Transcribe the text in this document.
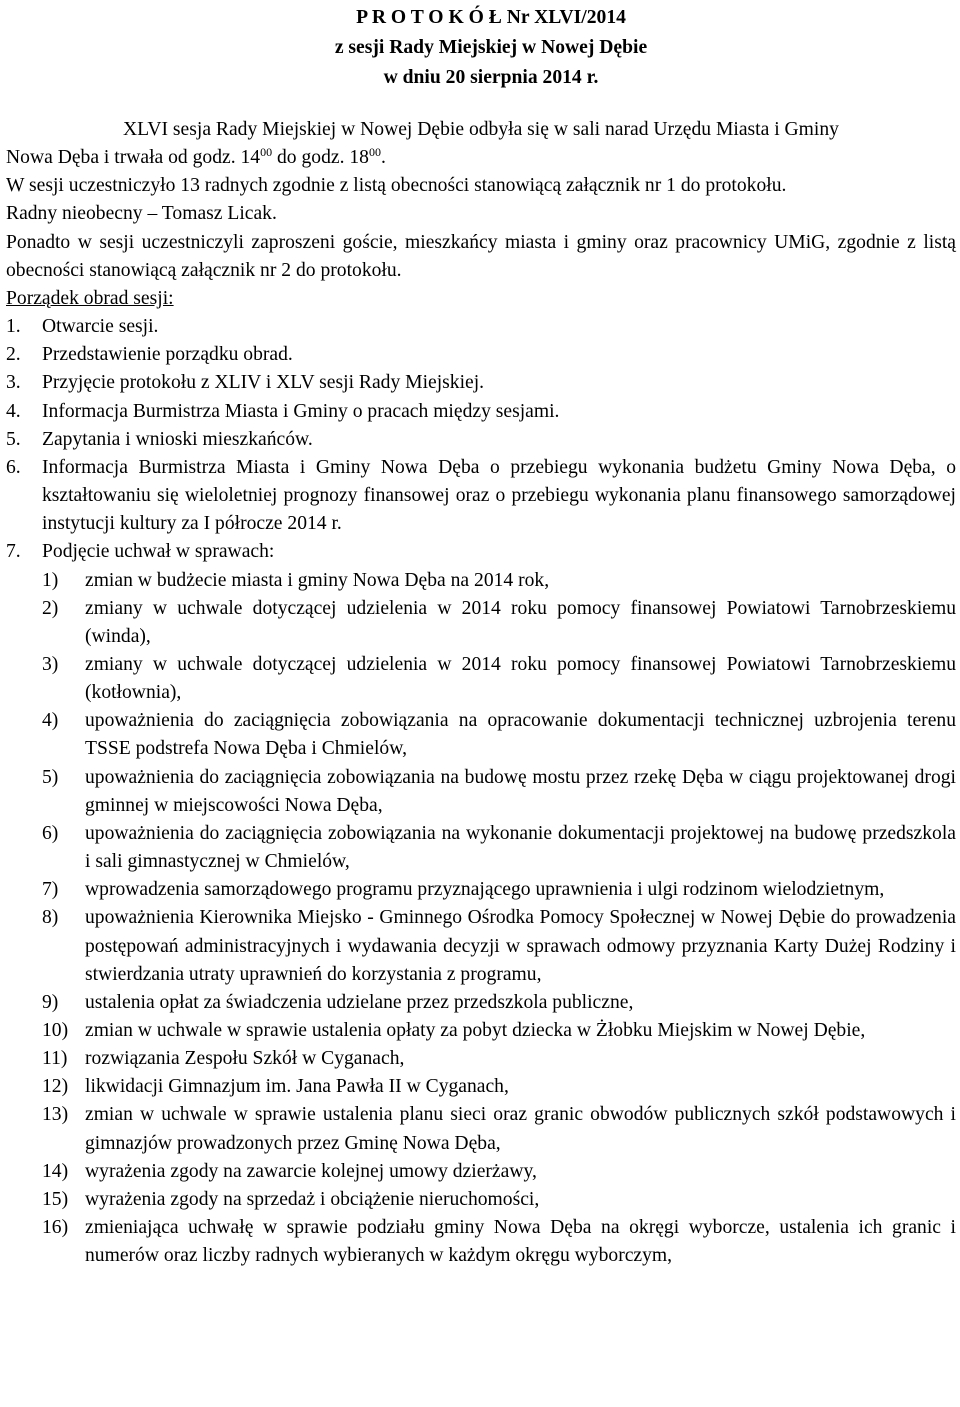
P R O T O K Ó Ł Nr XLVI/2014
z sesji Rady Miejskiej w Nowej Dębie
w dniu 20 sierpnia 2014 r.
XLVI sesja Rady Miejskiej w Nowej Dębie odbyła się w sali narad Urzędu Miasta i Gminy
Nowa Dęba i trwała od godz. $14^{00}$ do godz. $18^{00}$.
W sesji uczestniczyło 13 radnych zgodnie z listą obecności stanowiącą załącznik nr 1 do protokołu.
Radny nieobecny – Tomasz Licak.
Ponadto w sesji uczestniczyli zaproszeni goście, mieszkańcy miasta i gminy oraz pracownicy UMiG, zgodnie z listą obecności stanowiącą załącznik nr 2 do protokołu.
Porządek obrad sesji:
1.	Otwarcie sesji.
2.	Przedstawienie porządku obrad.
3.	Przyjęcie protokołu z XLIV i XLV sesji Rady Miejskiej.
4.	Informacja Burmistrza Miasta i Gminy o pracach między sesjami.
5.	Zapytania i wnioski mieszkańców.
6.	Informacja Burmistrza Miasta i Gminy Nowa Dęba o przebiegu wykonania budżetu Gminy Nowa Dęba, o kształtowaniu się wieloletniej prognozy finansowej oraz o przebiegu wykonania planu finansowego samorządowej instytucji kultury za I półrocze 2014 r.
7.	Podjęcie uchwał w sprawach:
1)	zmian w budżecie miasta i gminy Nowa Dęba na 2014 rok,
2)	zmiany w uchwale dotyczącej udzielenia w 2014 roku pomocy finansowej Powiatowi Tarnobrzeskiemu (winda),
3)	zmiany w uchwale dotyczącej udzielenia w 2014 roku pomocy finansowej Powiatowi Tarnobrzeskiemu (kotłownia),
4)	upoważnienia do zaciągnięcia zobowiązania na opracowanie dokumentacji technicznej uzbrojenia terenu TSSE podstrefa Nowa Dęba i Chmielów,
5)	upoważnienia do zaciągnięcia zobowiązania na budowę mostu przez rzekę Dęba w ciągu projektowanej drogi gminnej w miejscowości Nowa Dęba,
6)	upoważnienia do zaciągnięcia zobowiązania na wykonanie dokumentacji projektowej na budowę przedszkola i sali gimnastycznej w Chmielów,
7)	wprowadzenia samorządowego programu przyznającego uprawnienia i ulgi rodzinom wielodzietnym,
8)	upoważnienia Kierownika Miejsko - Gminnego Ośrodka Pomocy Społecznej w Nowej Dębie do prowadzenia postępowań administracyjnych i wydawania decyzji w sprawach odmowy przyznania Karty Dużej Rodziny i stwierdzania utraty uprawnień do korzystania z programu,
9)	ustalenia opłat za świadczenia udzielane przez przedszkola publiczne,
10) zmian w uchwale w sprawie ustalenia opłaty za pobyt dziecka w Żłobku Miejskim w Nowej Dębie,
11) rozwiązania Zespołu Szkół w Cyganach,
12) likwidacji Gimnazjum im. Jana Pawła II w Cyganach,
13) zmian w uchwale w sprawie ustalenia planu sieci oraz granic obwodów publicznych szkół podstawowych i gimnazjów prowadzonych przez Gminę Nowa Dęba,
14) wyrażenia zgody na zawarcie kolejnej umowy dzierżawy,
15) wyrażenia zgody na sprzedaż i obciążenie nieruchomości,
16) zmieniająca uchwałę w sprawie podziału gminy Nowa Dęba na okręgi wyborcze, ustalenia ich granic i numerów oraz liczby radnych wybieranych w każdym okręgu wyborczym,
